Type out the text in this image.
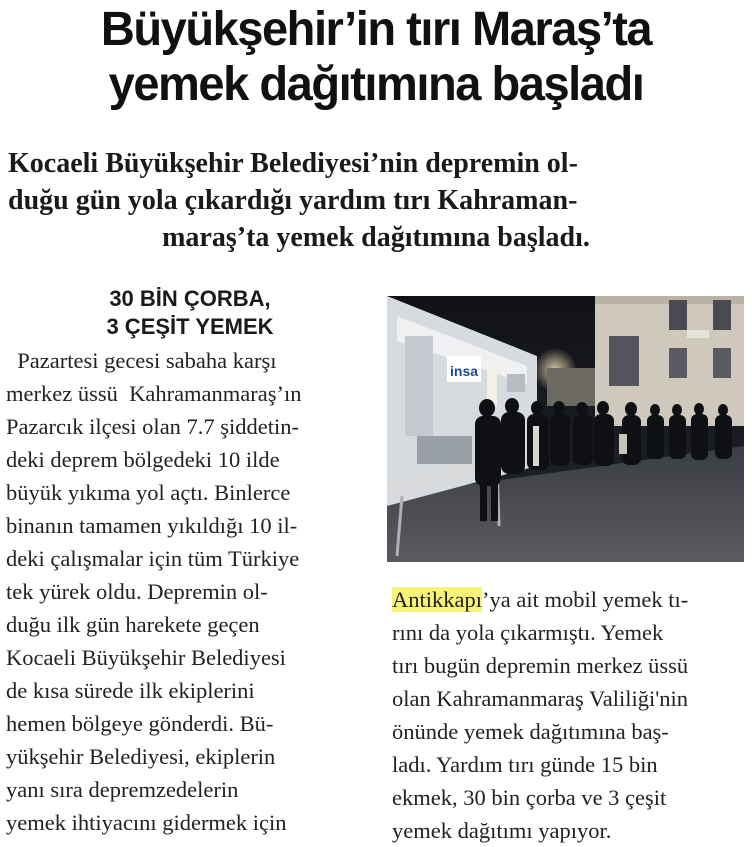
Büyükşehir’in tırı Maraş’ta
yemek dağıtımına başladı
Kocaeli Büyükşehir Belediyesi’nin depremin ol-
duğu gün yola çıkardığı yardım tırı Kahraman-
maraş’ta yemek dağıtımına başladı.
30 BİN ÇORBA,
3 ÇEŞİT YEMEK
Pazartesi gecesi sabaha karşı
merkez üssü  Kahramanmaraş’ın
Pazarcık ilçesi olan 7.7 şiddetin-
deki deprem bölgedeki 10 ilde
büyük yıkıma yol açtı. Binlerce
binanın tamamen yıkıldığı 10 il-
deki çalışmalar için tüm Türkiye
tek yürek oldu. Depremin ol-
duğu ilk gün harekete geçen
Kocaeli Büyükşehir Belediyesi
de kısa sürede ilk ekiplerini
hemen bölgeye gönderdi. Bü-
yükşehir Belediyesi, ekiplerin
yanı sıra depremzedelerin
yemek ihtiyacını gidermek için
insa
Antikkapı’ya ait mobil yemek tı-
rını da yola çıkarmıştı. Yemek
tırı bugün depremin merkez üssü
olan Kahramanmaraş Valiliği'nin
önünde yemek dağıtımına baş-
ladı. Yardım tırı günde 15 bin
ekmek, 30 bin çorba ve 3 çeşit
yemek dağıtımı yapıyor.
